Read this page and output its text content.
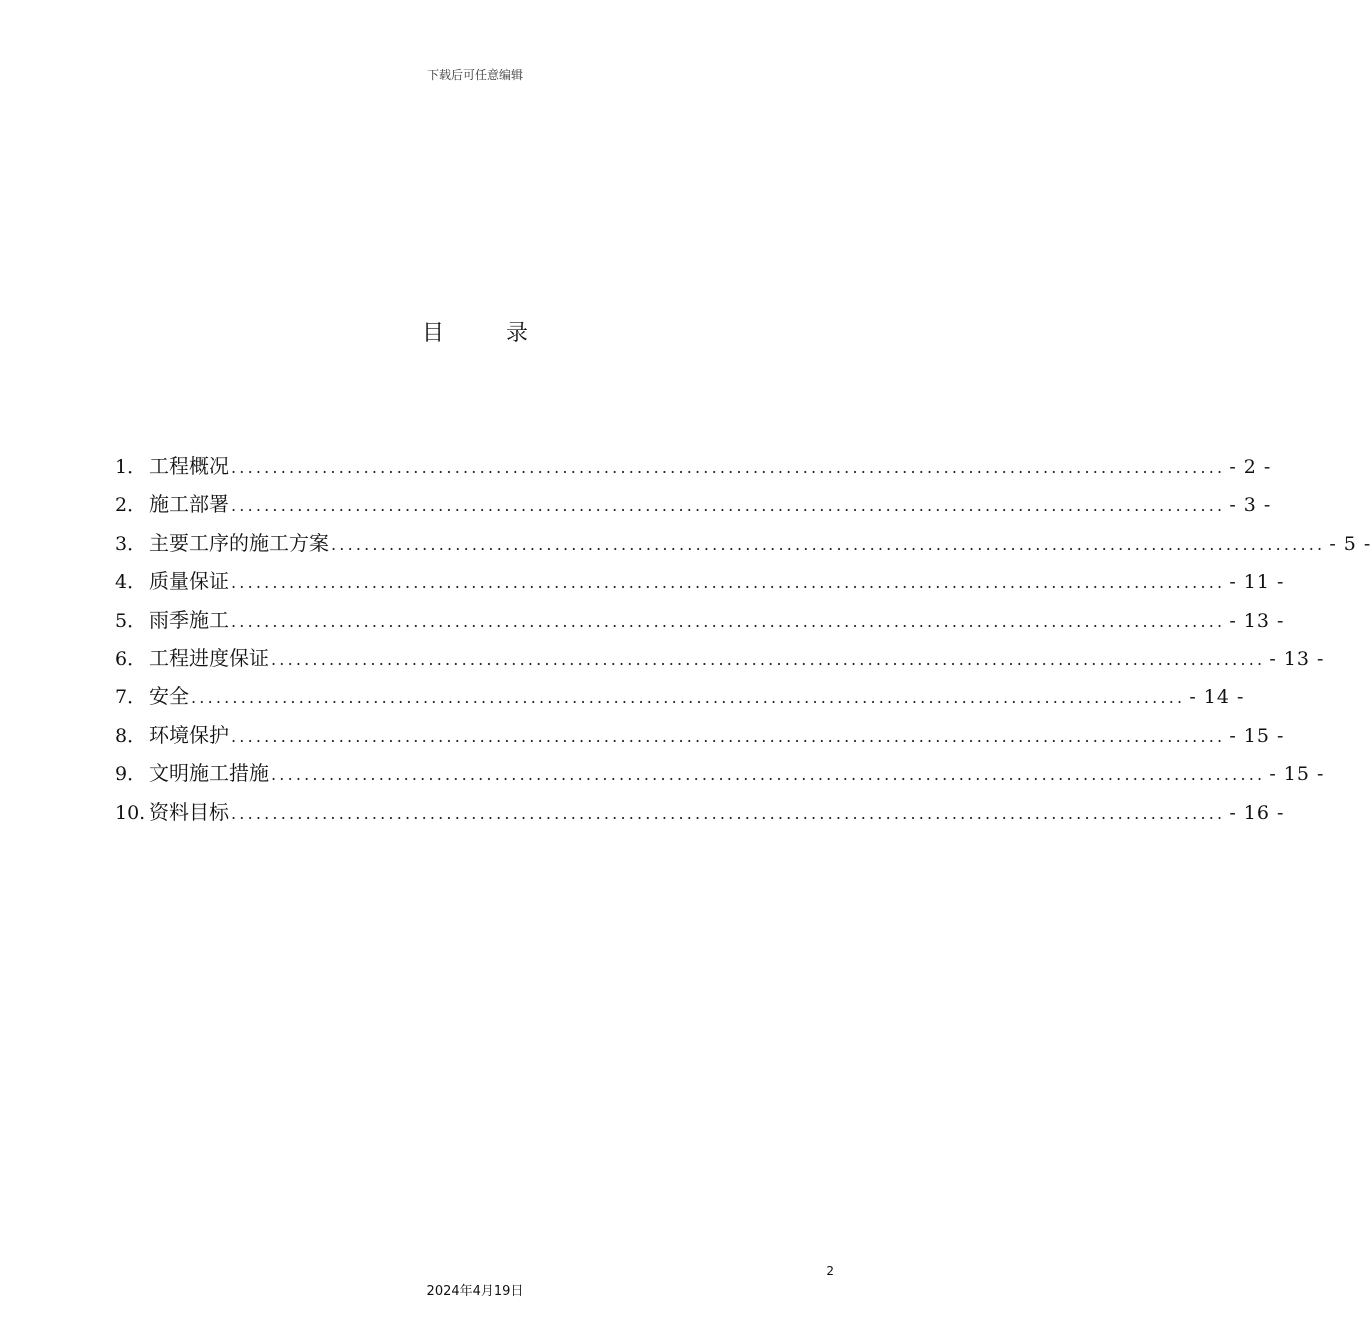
下载后可任意编辑
目录
1． 工程概况 ........................................................................................................................ - 2 -
2． 施工部署 ........................................................................................................................ - 3 -
3． 主要工序的施工方案 ........................................................................................................................ - 5 -
4． 质量保证 ........................................................................................................................ - 11 -
5． 雨季施工 ........................................................................................................................ - 13 -
6． 工程进度保证 ........................................................................................................................ - 13 -
7． 安全 ........................................................................................................................ - 14 -
8． 环境保护 ........................................................................................................................ - 15 -
9． 文明施工措施 ........................................................................................................................ - 15 -
10. 资料目标 ........................................................................................................................ - 16 -
2
2024年4月19日
